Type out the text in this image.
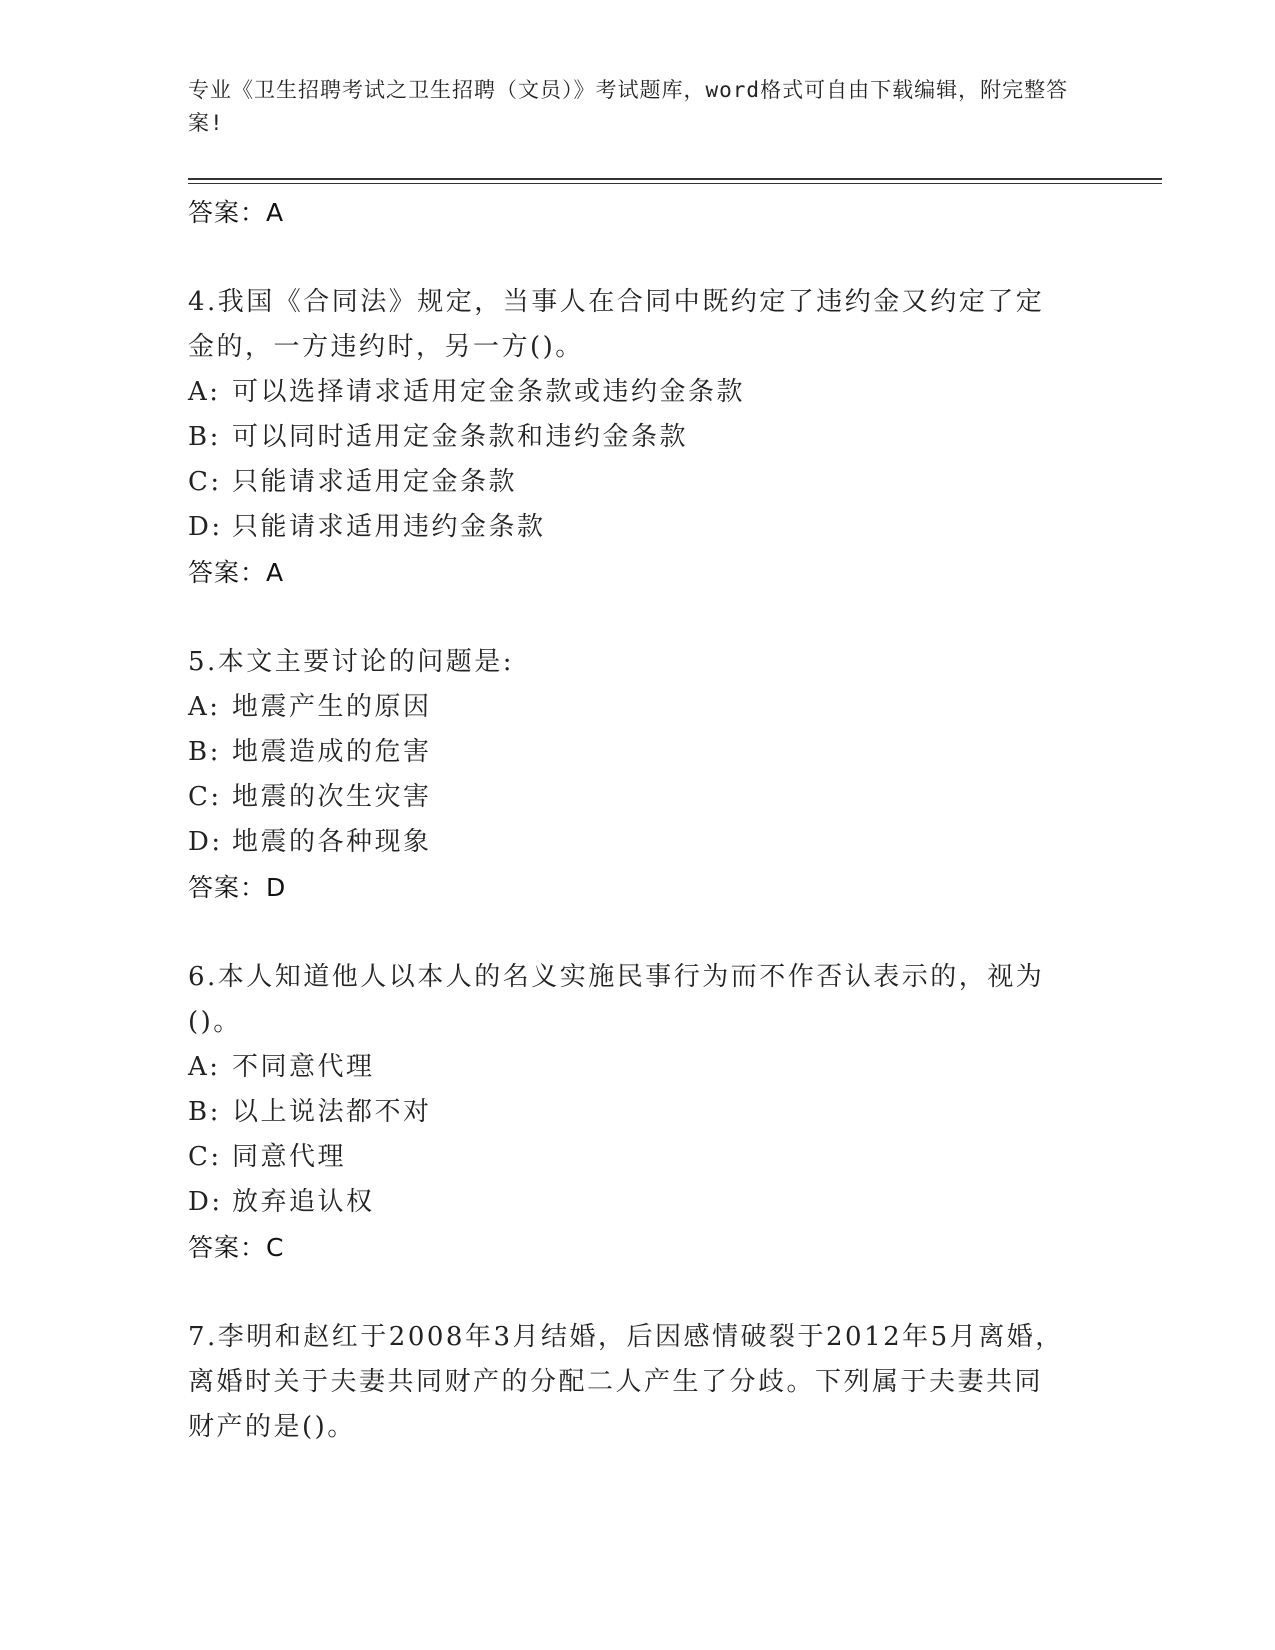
专业《卫生招聘考试之卫生招聘（文员）》考试题库，word格式可自由下载编辑，附完整答案!
答案：A
4.我国《合同法》规定，当事人在合同中既约定了违约金又约定了定金的，一方违约时，另一方()。
A: 可以选择请求适用定金条款或违约金条款
B: 可以同时适用定金条款和违约金条款
C: 只能请求适用定金条款
D: 只能请求适用违约金条款
答案：A
5.本文主要讨论的问题是:
A: 地震产生的原因
B: 地震造成的危害
C: 地震的次生灾害
D: 地震的各种现象
答案：D
6.本人知道他人以本人的名义实施民事行为而不作否认表示的，视为()。
A: 不同意代理
B: 以上说法都不对
C: 同意代理
D: 放弃追认权
答案：C
7.李明和赵红于2008年3月结婚，后因感情破裂于2012年5月离婚，离婚时关于夫妻共同财产的分配二人产生了分歧。下列属于夫妻共同财产的是()。
